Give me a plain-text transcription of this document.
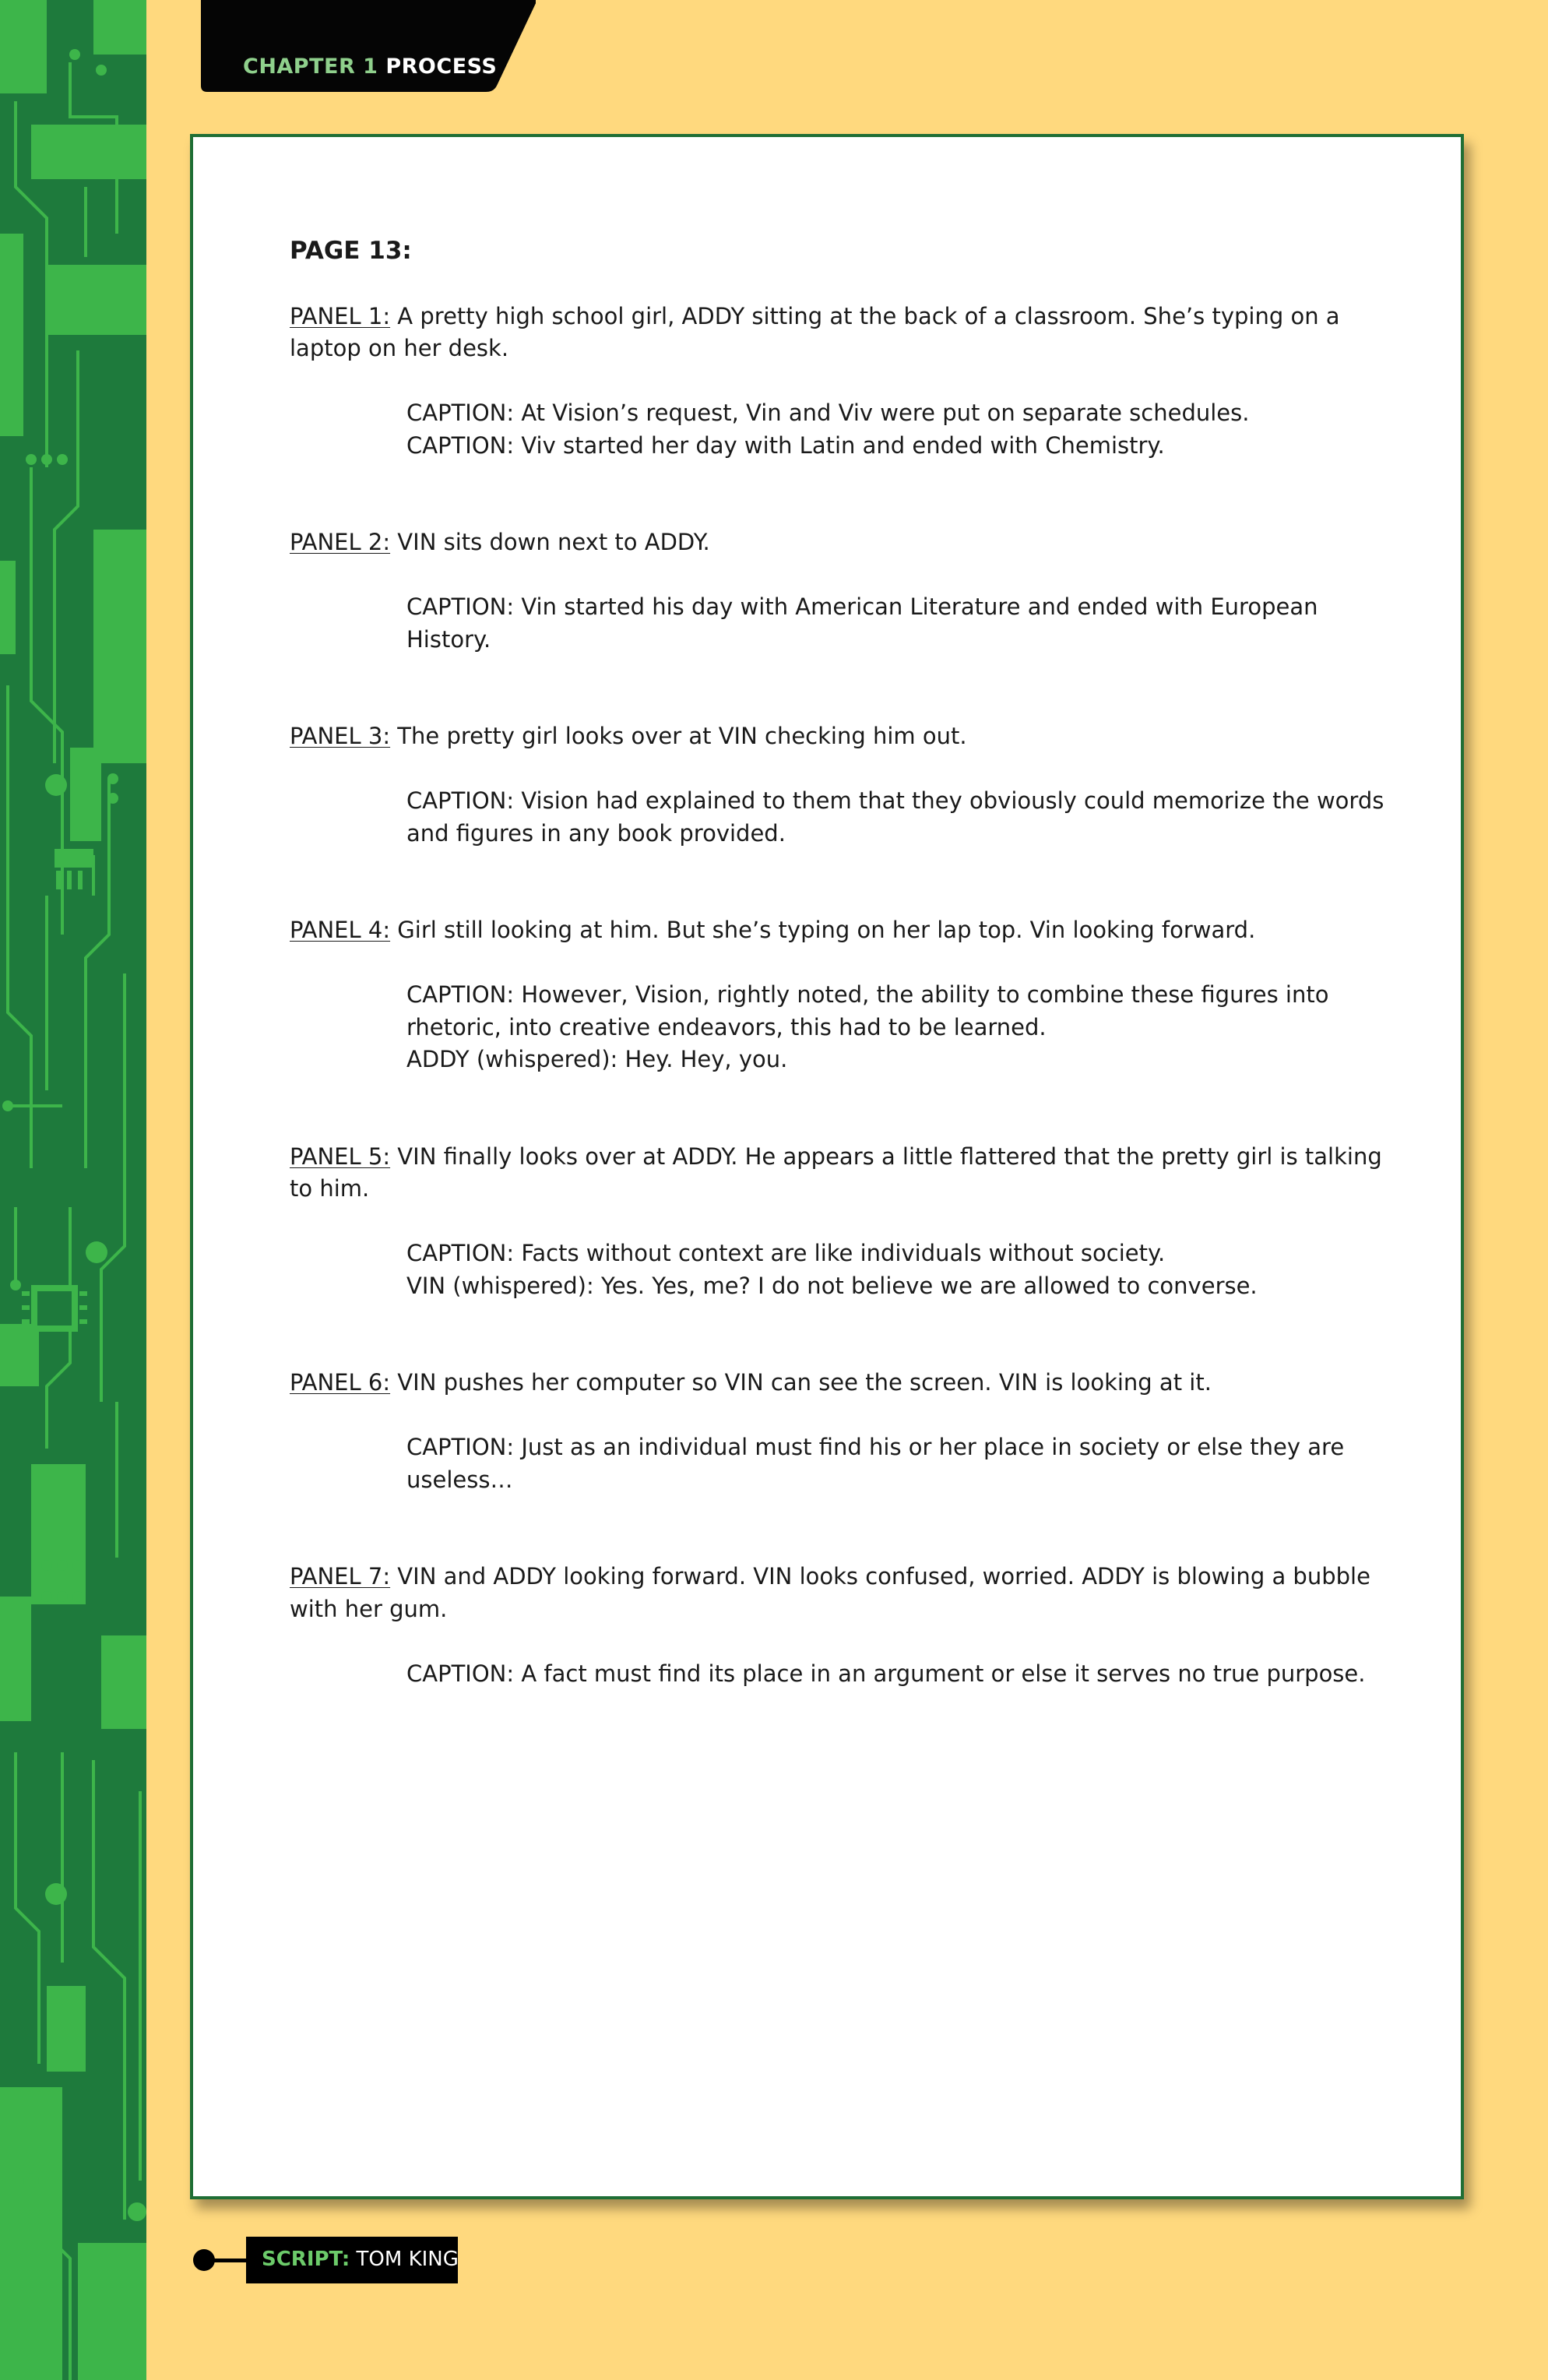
CHAPTER 1 PROCESS
PAGE 13:

PANEL 1: A pretty high school girl, ADDY sitting at the back of a classroom. She’s typing on a laptop on her desk.

CAPTION: At Vision’s request, Vin and Viv were put on separate schedules.

CAPTION: Viv started her day with Latin and ended with Chemistry.

PANEL 2: VIN sits down next to ADDY.

CAPTION: Vin started his day with American Literature and ended with European History.

PANEL 3: The pretty girl looks over at VIN checking him out.

CAPTION: Vision had explained to them that they obviously could memorize the words and figures in any book provided.

PANEL 4: Girl still looking at him. But she’s typing on her lap top. Vin looking forward.

CAPTION: However, Vision, rightly noted, the ability to combine these figures into rhetoric, into creative endeavors, this had to be learned.

ADDY (whispered): Hey. Hey, you.

PANEL 5: VIN finally looks over at ADDY. He appears a little flattered that the pretty girl is talking to him.

CAPTION: Facts without context are like individuals without society.

VIN (whispered): Yes. Yes, me? I do not believe we are allowed to converse.

PANEL 6: VIN pushes her computer so VIN can see the screen. VIN is looking at it.

CAPTION: Just as an individual must find his or her place in society or else they are useless…

PANEL 7: VIN and ADDY looking forward. VIN looks confused, worried. ADDY is blowing a bubble with her gum.

CAPTION: A fact must find its place in an argument or else it serves no true purpose.

SCRIPT: TOM KING
